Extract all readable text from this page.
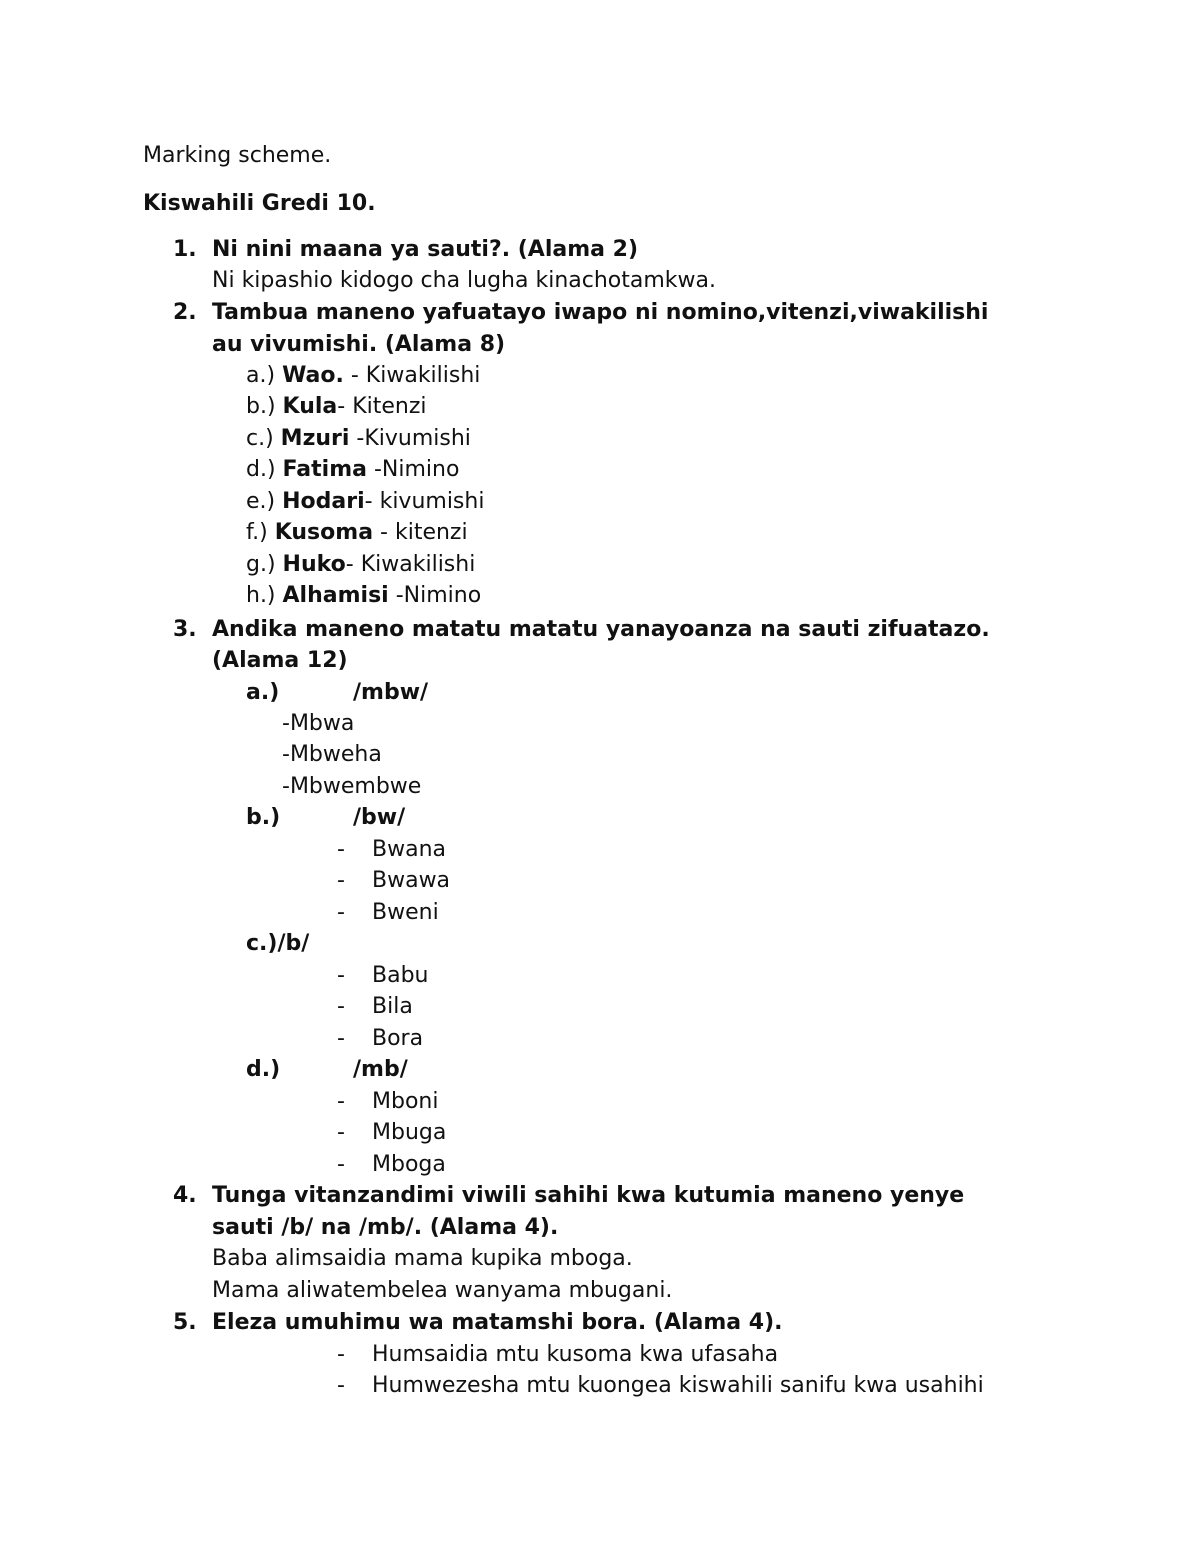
Marking scheme.
Kiswahili Gredi 10.
1. Ni nini maana ya sauti?. (Alama 2)
Ni kipashio kidogo cha lugha kinachotamkwa.
2. Tambua maneno yafuatayo iwapo ni nomino,vitenzi,viwakilishi
au vivumishi. (Alama 8)
a.) Wao. - Kiwakilishi
b.) Kula- Kitenzi
c.) Mzuri -Kivumishi
d.) Fatima -Nimino
e.) Hodari- kivumishi
f.) Kusoma - kitenzi
g.) Huko- Kiwakilishi
h.) Alhamisi -Nimino
3. Andika maneno matatu matatu yanayoanza na sauti zifuatazo.
(Alama 12)
a.)	/mbw/
-Mbwa
-Mbweha
-Mbwembwe
b.)	/bw/
- Bwana
- Bwawa
- Bweni
c.)/b/
- Babu
- Bila
- Bora
d.)	/mb/
- Mboni
- Mbuga
- Mboga
4. Tunga vitanzandimi viwili sahihi kwa kutumia maneno yenye
sauti /b/ na /mb/. (Alama 4).
Baba alimsaidia mama kupika mboga.
Mama aliwatembelea wanyama mbugani.
5. Eleza umuhimu wa matamshi bora. (Alama 4).
- Humsaidia mtu kusoma kwa ufasaha
- Humwezesha mtu kuongea kiswahili sanifu kwa usahihi
